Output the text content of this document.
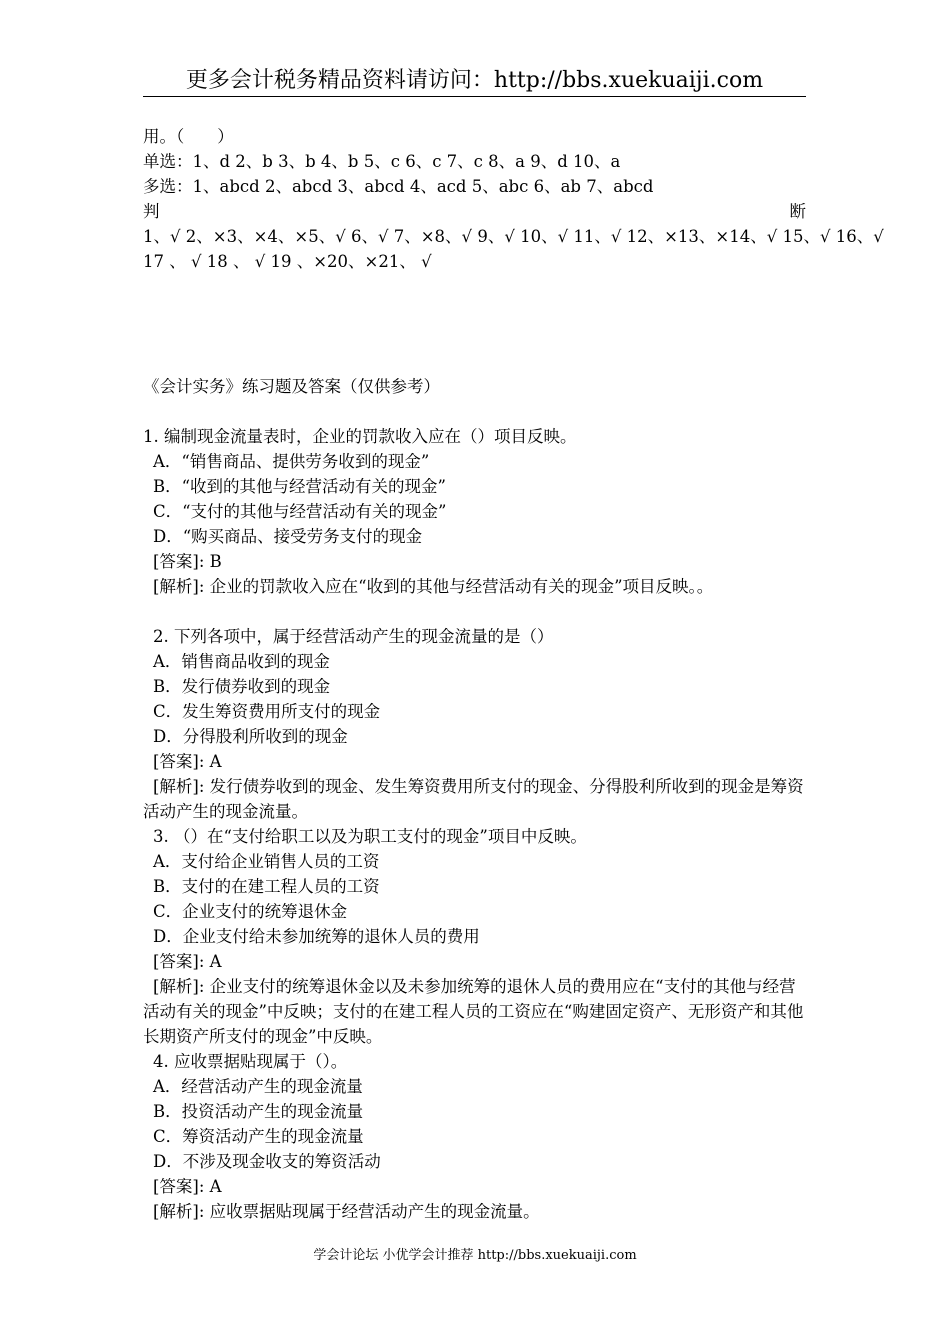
更多会计税务精品资料请访问：http://bbs.xuekuaiji.com
用。（　　）
单选：1、d 2、b 3、b 4、b 5、c 6、c 7、c 8、a 9、d 10、a
多选：1、abcd 2、abcd 3、abcd 4、acd 5、abc 6、ab 7、abcd
判	断
1、√ 2、×3、×4、×5、√ 6、√ 7、×8、√ 9、√ 10、√ 11、√ 12、×13、×14、√ 15、√ 16、√
17 、 √ 18 、 √ 19 、×20、×21、 √
《会计实务》练习题及答案（仅供参考）
1. 编制现金流量表时，企业的罚款收入应在（）项目反映。
A．“销售商品、提供劳务收到的现金”
B．“收到的其他与经营活动有关的现金”
C．“支付的其他与经营活动有关的现金”
D．“购买商品、接受劳务支付的现金
[答案]: B
[解析]: 企业的罚款收入应在“收到的其他与经营活动有关的现金”项目反映。。
2. 下列各项中，属于经营活动产生的现金流量的是（）
A．销售商品收到的现金
B．发行债券收到的现金
C．发生筹资费用所支付的现金
D．分得股利所收到的现金
[答案]: A
[解析]: 发行债券收到的现金、发生筹资费用所支付的现金、分得股利所收到的现金是筹资活动产生的现金流量。
3. （）在“支付给职工以及为职工支付的现金”项目中反映。
A．支付给企业销售人员的工资
B．支付的在建工程人员的工资
C．企业支付的统筹退休金
D．企业支付给未参加统筹的退休人员的费用
[答案]: A
[解析]: 企业支付的统筹退休金以及未参加统筹的退休人员的费用应在“支付的其他与经营活动有关的现金”中反映；支付的在建工程人员的工资应在“购建固定资产、无形资产和其他长期资产所支付的现金”中反映。
4. 应收票据贴现属于（）。
A．经营活动产生的现金流量
B．投资活动产生的现金流量
C．筹资活动产生的现金流量
D．不涉及现金收支的筹资活动
[答案]: A
[解析]: 应收票据贴现属于经营活动产生的现金流量。
学会计论坛 小优学会计推荐 http://bbs.xuekuaiji.com
